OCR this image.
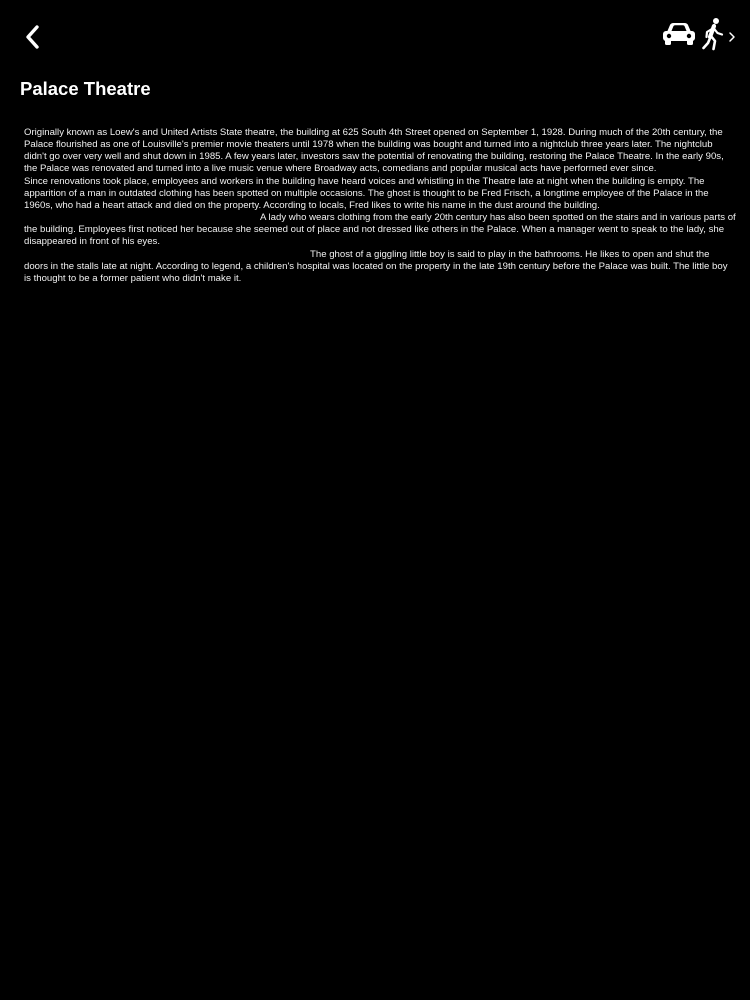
Palace Theatre

Originally known as Loew's and United Artists State theatre, the building at 625 South 4th Street opened on September 1, 1928. During much of the 20th century, the Palace flourished as one of Louisville's premier movie theaters until 1978 when the building was bought and turned into a nightclub three years later. The nightclub didn't go over very well and shut down in 1985. A few years later, investors saw the potential of renovating the building, restoring the Palace Theatre. In the early 90s, the Palace was renovated and turned into a live music venue where Broadway acts, comedians and popular musical acts have performed ever since.

Since renovations took place, employees and workers in the building have heard voices and whistling in the Theatre late at night when the building is empty. The apparition of a man in outdated clothing has been spotted on multiple occasions. The ghost is thought to be Fred Frisch, a longtime employee of the Palace in the 1960s, who had a heart attack and died on the property. According to locals, Fred likes to write his name in the dust around the building.

A lady who wears clothing from the early 20th century has also been spotted on the stairs and in various parts of the building. Employees first noticed her because she seemed out of place and not dressed like others in the Palace. When a manager went to speak to the lady, she disappeared in front of his eyes.

The ghost of a giggling little boy is said to play in the bathrooms. He likes to open and shut the doors in the stalls late at night. According to legend, a children's hospital was located on the property in the late 19th century before the Palace was built. The little boy is thought to be a former patient who didn't make it.
